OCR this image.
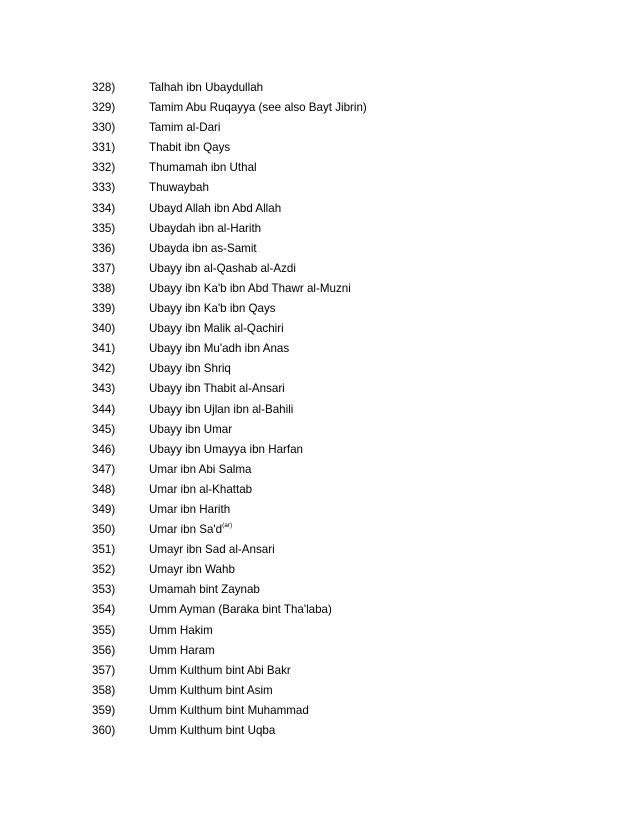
328)	Talhah ibn Ubaydullah
329)	Tamim Abu Ruqayya (see also Bayt Jibrin)
330)	Tamim al-Dari
331)	Thabit ibn Qays
332)	Thumamah ibn Uthal
333)	Thuwaybah
334)	Ubayd Allah ibn Abd Allah
335)	Ubaydah ibn al-Harith
336)	Ubayda ibn as-Samit
337)	Ubayy ibn al-Qashab al-Azdi
338)	Ubayy ibn Ka'b ibn Abd Thawr al-Muzni
339)	Ubayy ibn Ka'b ibn Qays
340)	Ubayy ibn Malik al-Qachiri
341)	Ubayy ibn Mu'adh ibn Anas
342)	Ubayy ibn Shriq
343)	Ubayy ibn Thabit al-Ansari
344)	Ubayy ibn Ujlan ibn al-Bahili
345)	Ubayy ibn Umar
346)	Ubayy ibn Umayya ibn Harfan
347)	Umar ibn Abi Salma
348)	Umar ibn al-Khattab
349)	Umar ibn Harith
350)	Umar ibn $Sa'd^{(ar)}$
351)	Umayr ibn Sad al-Ansari
352)	Umayr ibn Wahb
353)	Umamah bint Zaynab
354)	Umm Ayman (Baraka bint Tha'laba)
355)	Umm Hakim
356)	Umm Haram
357)	Umm Kulthum bint Abi Bakr
358)	Umm Kulthum bint Asim
359)	Umm Kulthum bint Muhammad
360)	Umm Kulthum bint Uqba
